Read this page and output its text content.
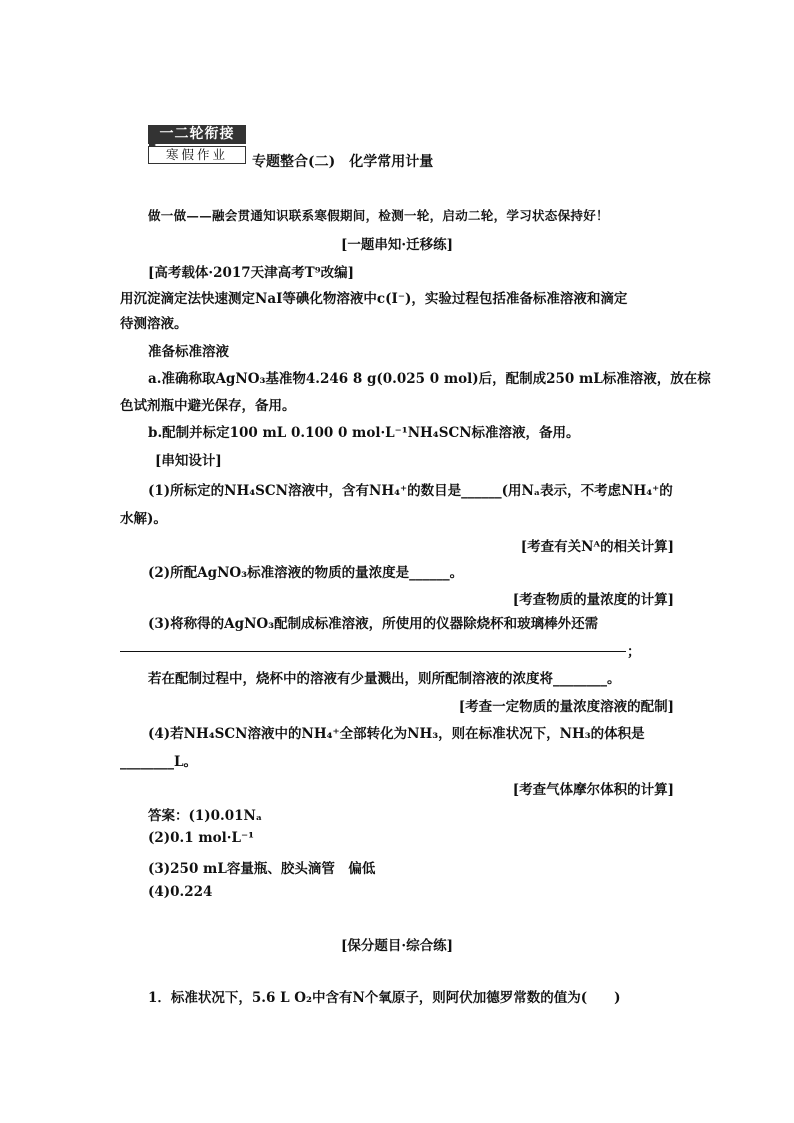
一二轮衔接
寒假作业	专题整合(二)　化学常用计量
做一做——融会贯通知识联系寒假期间，检测一轮，启动二轮，学习状态保持好！
[一题串知·迁移练]
[高考载体·2017天津高考T⁹改编]
用沉淀滴定法快速测定NaI等碘化物溶液中c(I⁻)，实验过程包括准备标准溶液和滴定
待测溶液。
准备标准溶液
a.准确称取AgNO₃基准物4.246 8 g(0.025 0 mol)后，配制成250 mL标准溶液，放在棕
色试剂瓶中避光保存，备用。
b.配制并标定100 mL 0.100 0 mol·L⁻¹NH₄SCN标准溶液，备用。
[串知设计]
(1)所标定的NH₄SCN溶液中，含有NH₄⁺的数目是______(用Nₐ表示，不考虑NH₄⁺的
水解)。
[考查有关Nᴬ的相关计算]
(2)所配AgNO₃标准溶液的物质的量浓度是______。
[考查物质的量浓度的计算]
(3)将称得的AgNO₃配制成标准溶液，所使用的仪器除烧杯和玻璃棒外还需
；
若在配制过程中，烧杯中的溶液有少量溅出，则所配制溶液的浓度将________。
[考查一定物质的量浓度溶液的配制]
(4)若NH₄SCN溶液中的NH₄⁺全部转化为NH₃，则在标准状况下，NH₃的体积是
________L。
[考查气体摩尔体积的计算]
答案：(1)0.01Nₐ
(2)0.1 mol·L⁻¹
(3)250 mL容量瓶、胶头滴管　偏低
(4)0.224
[保分题目·综合练]
1．标准状况下，5.6 L O₂中含有N个氧原子，则阿伏加德罗常数的值为(　　)
